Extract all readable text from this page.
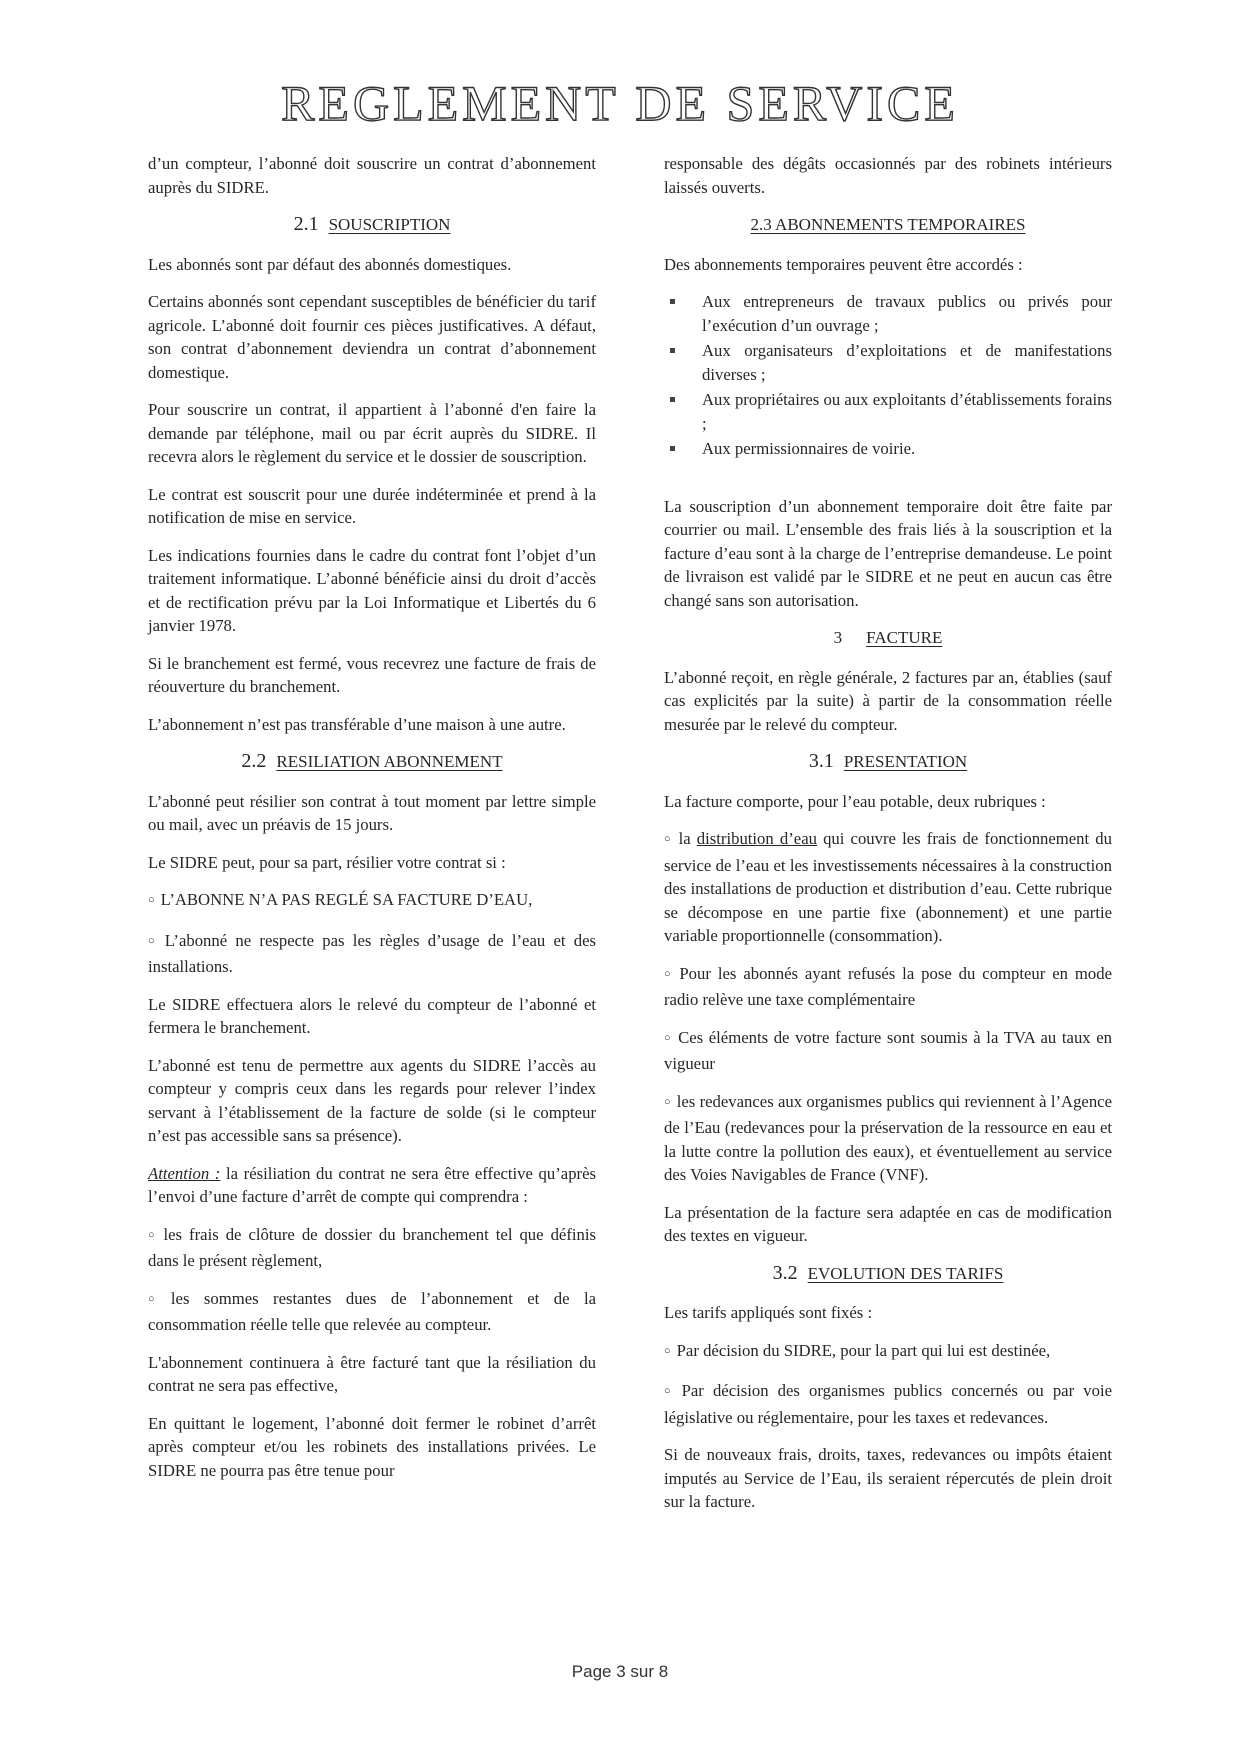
REGLEMENT DE SERVICE

d’un compteur, l’abonné doit souscrire un contrat d’abonnement auprès du SIDRE.

2.1 SOUSCRIPTION

Les abonnés sont par défaut des abonnés domestiques.

Certains abonnés sont cependant susceptibles de bénéficier du tarif agricole. L’abonné doit fournir ces pièces justificatives. A défaut, son contrat d’abonnement deviendra un contrat d’abonnement domestique.

Pour souscrire un contrat, il appartient à l’abonné d'en faire la demande par téléphone, mail ou par écrit auprès du SIDRE. Il recevra alors le règlement du service et le dossier de souscription.

Le contrat est souscrit pour une durée indéterminée et prend à la notification de mise en service.

Les indications fournies dans le cadre du contrat font l’objet d’un traitement informatique. L’abonné bénéficie ainsi du droit d’accès et de rectification prévu par la Loi Informatique et Libertés du 6 janvier 1978.

Si le branchement est fermé, vous recevrez une facture de frais de réouverture du branchement.

L’abonnement n’est pas transférable d’une maison à une autre.

2.2 RESILIATION ABONNEMENT

L’abonné peut résilier son contrat à tout moment par lettre simple ou mail, avec un préavis de 15 jours.

Le SIDRE peut, pour sa part, résilier votre contrat si :

○ L’ABONNE N’A PAS REGLÉ SA FACTURE D’EAU,

○ L’abonné ne respecte pas les règles d’usage de l’eau et des installations.

Le SIDRE effectuera alors le relevé du compteur de l’abonné et fermera le branchement.

L’abonné est tenu de permettre aux agents du SIDRE l’accès au compteur y compris ceux dans les regards pour relever l’index servant à l’établissement de la facture de solde (si le compteur n’est pas accessible sans sa présence).

Attention : la résiliation du contrat ne sera être effective qu’après l’envoi d’une facture d’arrêt de compte qui comprendra :

○ les frais de clôture de dossier du branchement tel que définis dans le présent règlement,

○ les sommes restantes dues de l’abonnement et de la consommation réelle telle que relevée au compteur.

L'abonnement continuera à être facturé tant que la résiliation du contrat ne sera pas effective,

En quittant le logement, l’abonné doit fermer le robinet d’arrêt après compteur et/ou les robinets des installations privées. Le SIDRE ne pourra pas être tenue pour

responsable des dégâts occasionnés par des robinets intérieurs laissés ouverts.

2.3 ABONNEMENTS TEMPORAIRES

Des abonnements temporaires peuvent être accordés :

Aux entrepreneurs de travaux publics ou privés pour l’exécution d’un ouvrage ;
Aux organisateurs d’exploitations et de manifestations diverses ;
Aux propriétaires ou aux exploitants d’établissements forains ;
Aux permissionnaires de voirie.

La souscription d’un abonnement temporaire doit être faite par courrier ou mail. L’ensemble des frais liés à la souscription et la facture d’eau sont à la charge de l’entreprise demandeuse. Le point de livraison est validé par le SIDRE et ne peut en aucun cas être changé sans son autorisation.

3 FACTURE

L’abonné reçoit, en règle générale, 2 factures par an, établies (sauf cas explicités par la suite) à partir de la consommation réelle mesurée par le relevé du compteur.

3.1 PRESENTATION

La facture comporte, pour l’eau potable, deux rubriques :

○ la distribution d’eau qui couvre les frais de fonctionnement du service de l’eau et les investissements nécessaires à la construction des installations de production et distribution d’eau. Cette rubrique se décompose en une partie fixe (abonnement) et une partie variable proportionnelle (consommation).

○ Pour les abonnés ayant refusés la pose du compteur en mode radio relève une taxe complémentaire

○ Ces éléments de votre facture sont soumis à la TVA au taux en vigueur

○ les redevances aux organismes publics qui reviennent à l’Agence de l’Eau (redevances pour la préservation de la ressource en eau et la lutte contre la pollution des eaux), et éventuellement au service des Voies Navigables de France (VNF).

La présentation de la facture sera adaptée en cas de modification des textes en vigueur.

3.2 EVOLUTION DES TARIFS

Les tarifs appliqués sont fixés :

○ Par décision du SIDRE, pour la part qui lui est destinée,

○ Par décision des organismes publics concernés ou par voie législative ou réglementaire, pour les taxes et redevances.

Si de nouveaux frais, droits, taxes, redevances ou impôts étaient imputés au Service de l’Eau, ils seraient répercutés de plein droit sur la facture.

Page 3 sur 8
